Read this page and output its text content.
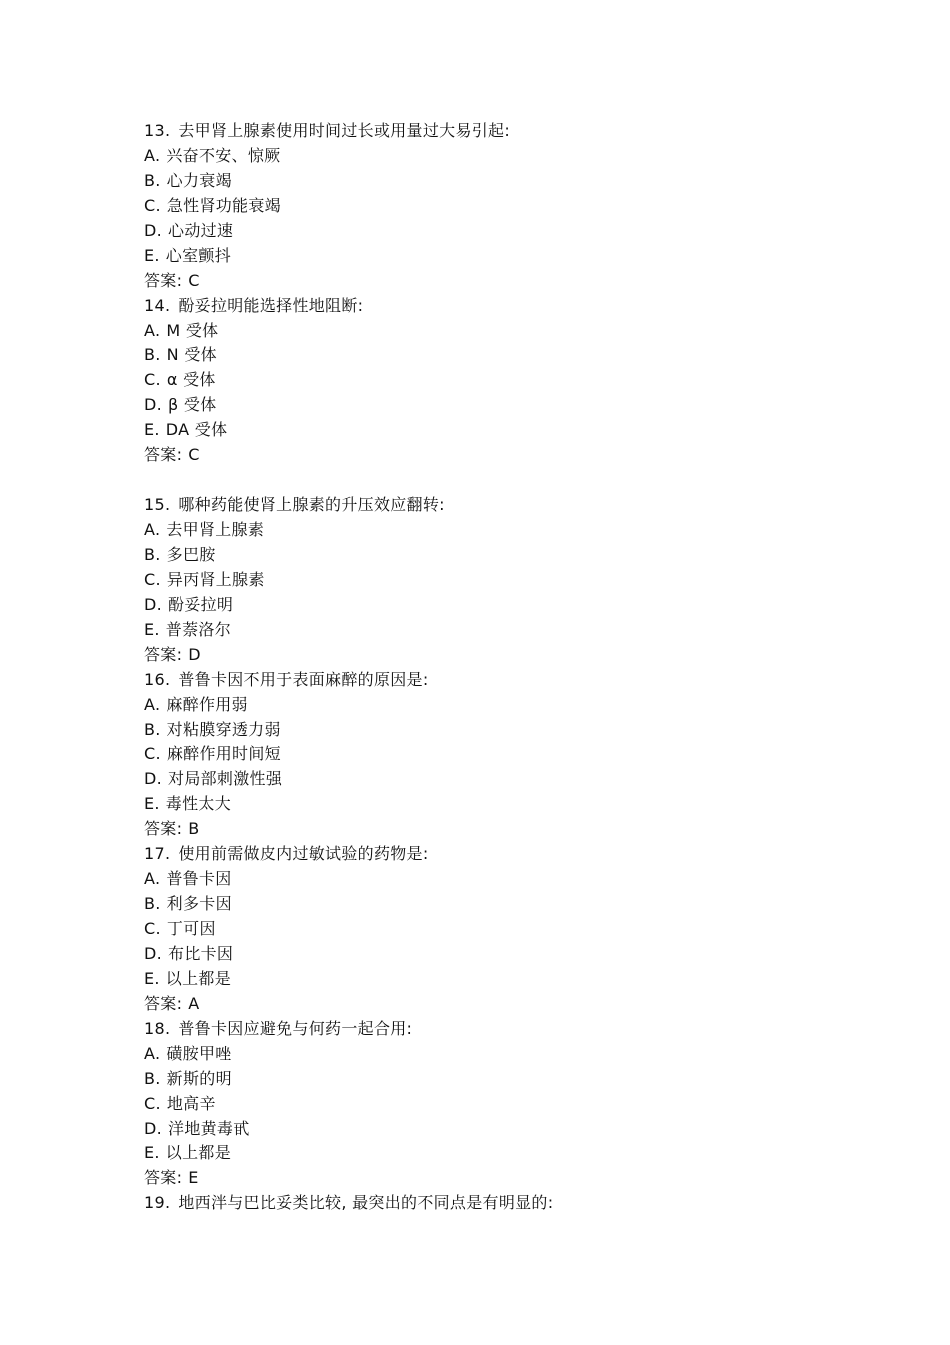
13. 去甲肾上腺素使用时间过长或用量过大易引起:
A. 兴奋不安、惊厥
B. 心力衰竭
C. 急性肾功能衰竭
D. 心动过速
E. 心室颤抖
答案: C
14. 酚妥拉明能选择性地阻断:
A. M 受体
B. N 受体
C. α 受体
D. β 受体
E. DA 受体
答案: C
15. 哪种药能使肾上腺素的升压效应翻转:
A. 去甲肾上腺素
B. 多巴胺
C. 异丙肾上腺素
D. 酚妥拉明
E. 普萘洛尔
答案: D
16. 普鲁卡因不用于表面麻醉的原因是:
A. 麻醉作用弱
B. 对粘膜穿透力弱
C. 麻醉作用时间短
D. 对局部刺激性强
E. 毒性太大
答案: B
17. 使用前需做皮内过敏试验的药物是:
A. 普鲁卡因
B. 利多卡因
C. 丁可因
D. 布比卡因
E. 以上都是
答案: A
18. 普鲁卡因应避免与何药一起合用:
A. 磺胺甲唑
B. 新斯的明
C. 地高辛
D. 洋地黄毒甙
E. 以上都是
答案: E
19. 地西泮与巴比妥类比较, 最突出的不同点是有明显的:
